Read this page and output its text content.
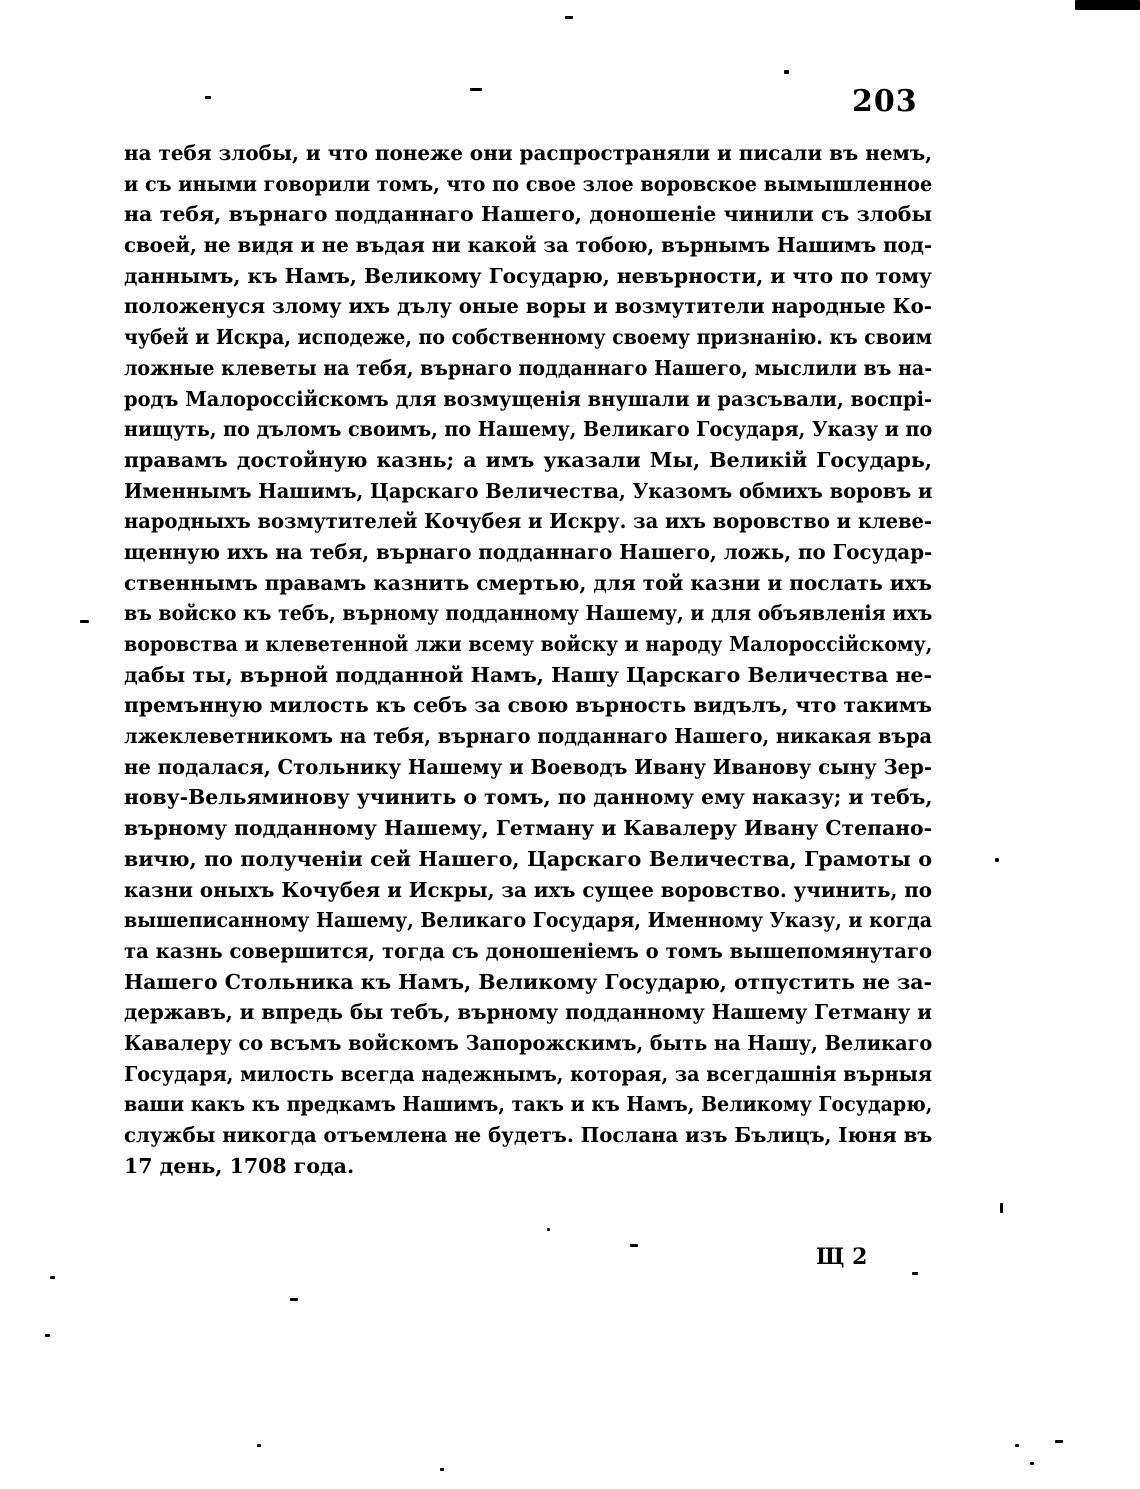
203
на тебя злобы, и что понеже они распространяли и писали въ немъ,
и съ иными говорили томъ, что по свое злое воровское вымышленное
на тебя, върнаго подданнаго Нашего, доношеніе чинили съ злобы
своей, не видя и не въдая ни какой за тобою, върнымъ Нашимъ под-
даннымъ, къ Намъ, Великому Государю, невърности, и что по тому
положенуся злому ихъ дълу оные воры и возмутители народные Ко-
чубей и Искра, исподеже, по собственному своему признанію. къ своим
ложные клеветы на тебя, върнаго подданнаго Нашего, мыслили въ на-
родъ Малороссійскомъ для возмущенія внушали и разсъвали, воспрі-
нищуть, по дъломъ своимъ, по Нашему, Великаго Государя, Указу и по
правамъ достойную казнь; а имъ указали Мы, Великій Государь,
Именнымъ Нашимъ, Царскаго Величества, Указомъ обмихъ воровъ и
народныхъ возмутителей Кочубея и Искру. за ихъ воровство и клеве-
щенную ихъ на тебя, върнаго подданнаго Нашего, ложь, по Государ-
ственнымъ правамъ казнить смертью, для той казни и послать ихъ
въ войско къ тебъ, върному подданному Нашему, и для объявленія ихъ
воровства и клеветенной лжи всему войску и народу Малороссійскому,
дабы ты, върной подданной Намъ, Нашу Царскаго Величества не-
премънную милость къ себъ за свою върность видълъ, что такимъ
лжеклеветникомъ на тебя, върнаго подданнаго Нашего, никакая въра
не подалася, Стольнику Нашему и Воеводъ Ивану Иванову сыну Зер-
нову-Вельяминову учинить о томъ, по данному ему наказу; и тебъ,
върному подданному Нашему, Гетману и Кавалеру Ивану Степано-
вичю, по полученіи сей Нашего, Царскаго Величества, Грамоты о
казни оныхъ Кочубея и Искры, за ихъ сущее воровство. учинить, по
вышеписанному Нашему, Великаго Государя, Именному Указу, и когда
та казнь совершится, тогда съ доношеніемъ о томъ вышепомянутаго
Нашего Стольника къ Намъ, Великому Государю, отпустить не за-
державъ, и впредь бы тебъ, върному подданному Нашему Гетману и
Кавалеру со всъмъ войскомъ Запорожскимъ, быть на Нашу, Великаго
Государя, милость всегда надежнымъ, которая, за всегдашнія върныя
ваши какъ къ предкамъ Нашимъ, такъ и къ Намъ, Великому Государю,
службы никогда отъемлена не будетъ. Послана изъ Бълицъ, Іюня въ
17 день, 1708 года.
Щ 2
